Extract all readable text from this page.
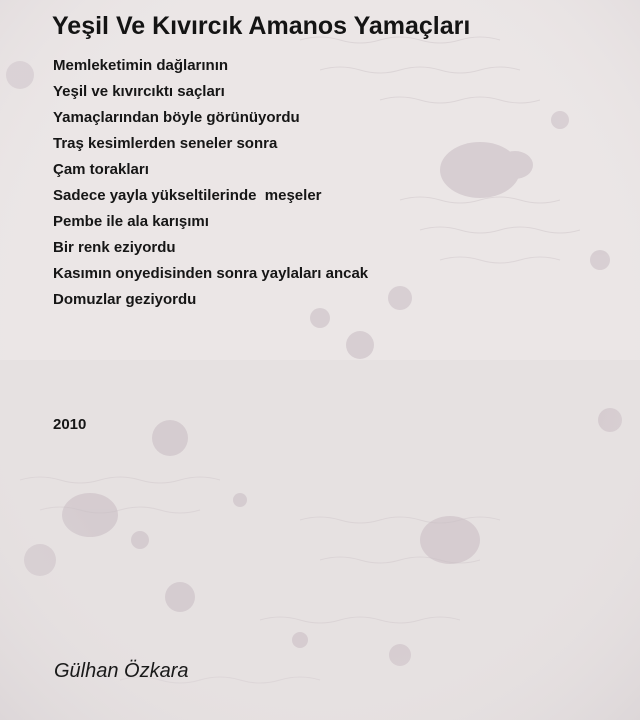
Yeşil Ve Kıvırcık Amanos Yamaçları
Memleketimin dağlarının
Yeşil ve kıvırcıktı saçları
Yamaçlarından böyle görünüyordu
Traş kesimlerden seneler sonra
Çam torakları
Sadece yayla yükseltilerinde  meşeler
Pembe ile ala karışımı
Bir renk eziyordu
Kasımın onyedisinden sonra yaylaları ancak
Domuzlar geziyordu
2010
Gülhan Özkara
